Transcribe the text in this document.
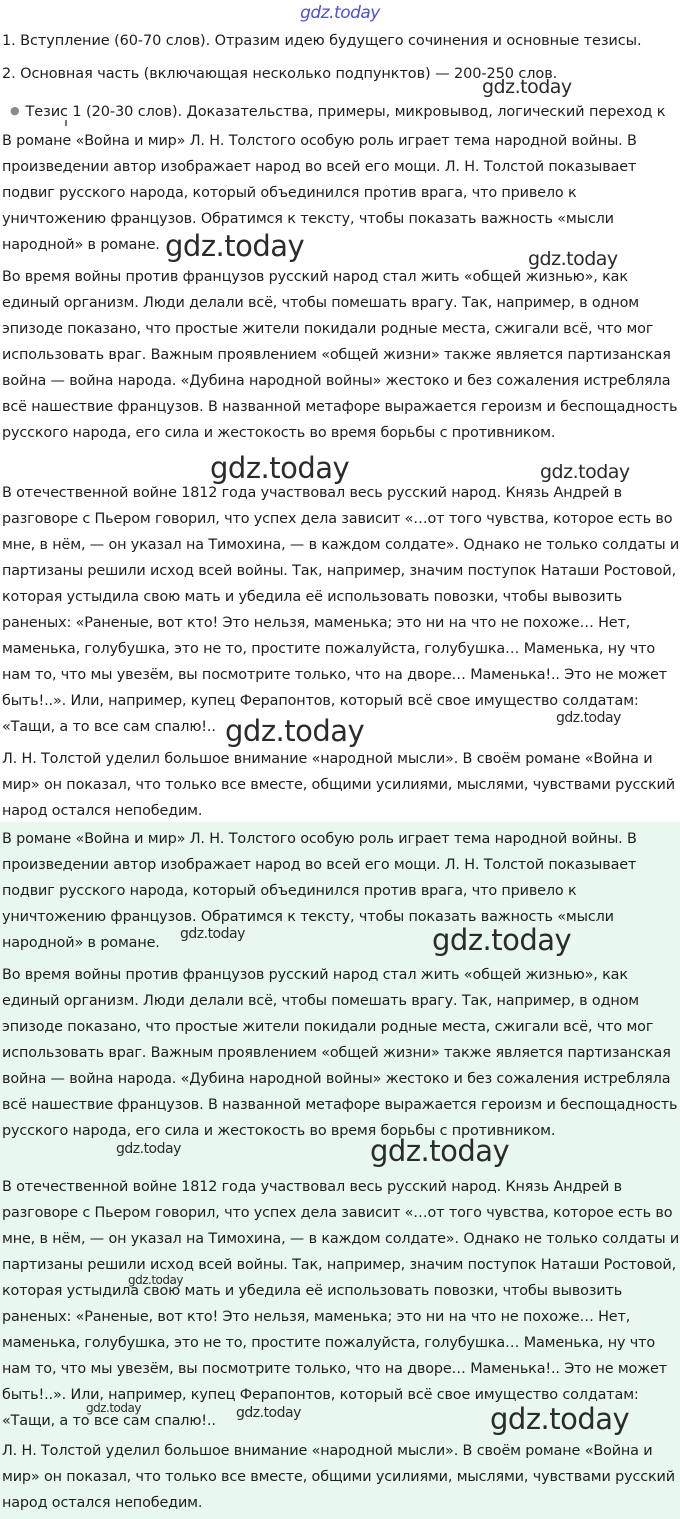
gdz.today
1. Вступление (60-70 слов). Отразим идею будущего сочинения и основные тезисы.
2. Основная часть (включающая несколько подпунктов) — 200-250 слов.
● Тезис 1 (20-30 слов). Доказательства, примеры, микровывод, логический переход к

В романе «Война и мир» Л. Н. Толстого особую роль играет тема народной войны. В произведении автор изображает народ во всей его мощи. Л. Н. Толстой показывает подвиг русского народа, который объединился против врага, что привело к уничтожению французов. Обратимся к тексту, чтобы показать важность «мысли народной» в романе.

Во время войны против французов русский народ стал жить «общей жизнью», как единый организм. Люди делали всё, чтобы помешать врагу. Так, например, в одном эпизоде показано, что простые жители покидали родные места, сжигали всё, что мог использовать враг. Важным проявлением «общей жизни» также является партизанская война — война народа. «Дубина народной войны» жестоко и без сожаления истребляла всё нашествие французов. В названной метафоре выражается героизм и беспощадность русского народа, его сила и жестокость во время борьбы с противником.

В отечественной войне 1812 года участвовал весь русский народ. Князь Андрей в разговоре с Пьером говорил, что успех дела зависит «…от того чувства, которое есть во мне, в нём, — он указал на Тимохина, — в каждом солдате». Однако не только солдаты и партизаны решили исход всей войны. Так, например, значим поступок Наташи Ростовой, которая устыдила свою мать и убедила её использовать повозки, чтобы вывозить раненых: «Раненые, вот кто! Это нельзя, маменька; это ни на что не похоже… Нет, маменька, голубушка, это не то, простите пожалуйста, голубушка… Маменька, ну что нам то, что мы увезём, вы посмотрите только, что на дворе… Маменька!.. Это не может быть!..». Или, например, купец Ферапонтов, который всё свое имущество солдатам: «Тащи, а то все сам спалю!..

Л. Н. Толстой уделил большое внимание «народной мысли». В своём романе «Война и мир» он показал, что только все вместе, общими усилиями, мыслями, чувствами русский народ остался непобедим.

В романе «Война и мир» Л. Н. Толстого особую роль играет тема народной войны. В произведении автор изображает народ во всей его мощи. Л. Н. Толстой показывает подвиг русского народа, который объединился против врага, что привело к уничтожению французов. Обратимся к тексту, чтобы показать важность «мысли народной» в романе.

Во время войны против французов русский народ стал жить «общей жизнью», как единый организм. Люди делали всё, чтобы помешать врагу. Так, например, в одном эпизоде показано, что простые жители покидали родные места, сжигали всё, что мог использовать враг. Важным проявлением «общей жизни» также является партизанская война — война народа. «Дубина народной войны» жестоко и без сожаления истребляла всё нашествие французов. В названной метафоре выражается героизм и беспощадность русского народа, его сила и жестокость во время борьбы с противником.

В отечественной войне 1812 года участвовал весь русский народ. Князь Андрей в разговоре с Пьером говорил, что успех дела зависит «…от того чувства, которое есть во мне, в нём, — он указал на Тимохина, — в каждом солдате». Однако не только солдаты и партизаны решили исход всей войны. Так, например, значим поступок Наташи Ростовой, которая устыдила свою мать и убедила её использовать повозки, чтобы вывозить раненых: «Раненые, вот кто! Это нельзя, маменька; это ни на что не похоже… Нет, маменька, голубушка, это не то, простите пожалуйста, голубушка… Маменька, ну что нам то, что мы увезём, вы посмотрите только, что на дворе… Маменька!.. Это не может быть!..». Или, например, купец Ферапонтов, который всё свое имущество солдатам: «Тащи, а то все сам спалю!..

Л. Н. Толстой уделил большое внимание «народной мысли». В своём романе «Война и мир» он показал, что только все вместе, общими усилиями, мыслями, чувствами русский народ остался непобедим.

gdz.today
gdz.today	gdz.today
gdz.today	gdz.today
gdz.today
gdz.today
gdz.today	gdz.today
gdz.today	gdz.today
gdz.today
gdz.today	gdz.today	gdz.today
